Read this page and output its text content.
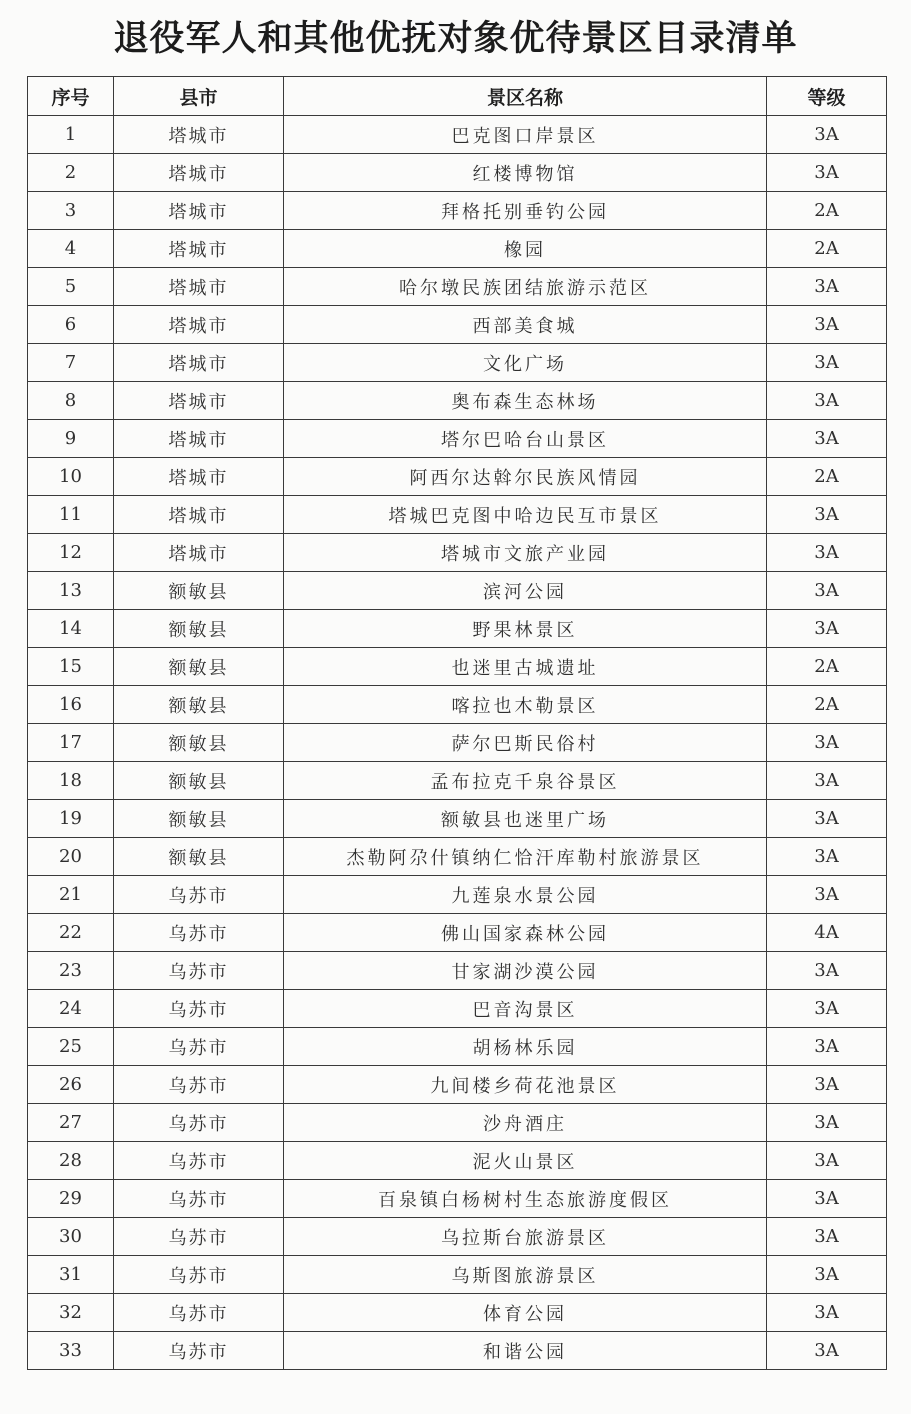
退役军人和其他优抚对象优待景区目录清单
序号	县市	景区名称	等级
1	塔城市	巴克图口岸景区	3A
2	塔城市	红楼博物馆	3A
3	塔城市	拜格托别垂钓公园	2A
4	塔城市	橡园	2A
5	塔城市	哈尔墩民族团结旅游示范区	3A
6	塔城市	西部美食城	3A
7	塔城市	文化广场	3A
8	塔城市	奥布森生态林场	3A
9	塔城市	塔尔巴哈台山景区	3A
10	塔城市	阿西尔达斡尔民族风情园	2A
11	塔城市	塔城巴克图中哈边民互市景区	3A
12	塔城市	塔城市文旅产业园	3A
13	额敏县	滨河公园	3A
14	额敏县	野果林景区	3A
15	额敏县	也迷里古城遗址	2A
16	额敏县	喀拉也木勒景区	2A
17	额敏县	萨尔巴斯民俗村	3A
18	额敏县	孟布拉克千泉谷景区	3A
19	额敏县	额敏县也迷里广场	3A
20	额敏县	杰勒阿尕什镇纳仁恰汗库勒村旅游景区	3A
21	乌苏市	九莲泉水景公园	3A
22	乌苏市	佛山国家森林公园	4A
23	乌苏市	甘家湖沙漠公园	3A
24	乌苏市	巴音沟景区	3A
25	乌苏市	胡杨林乐园	3A
26	乌苏市	九间楼乡荷花池景区	3A
27	乌苏市	沙舟酒庄	3A
28	乌苏市	泥火山景区	3A
29	乌苏市	百泉镇白杨树村生态旅游度假区	3A
30	乌苏市	乌拉斯台旅游景区	3A
31	乌苏市	乌斯图旅游景区	3A
32	乌苏市	体育公园	3A
33	乌苏市	和谐公园	3A
